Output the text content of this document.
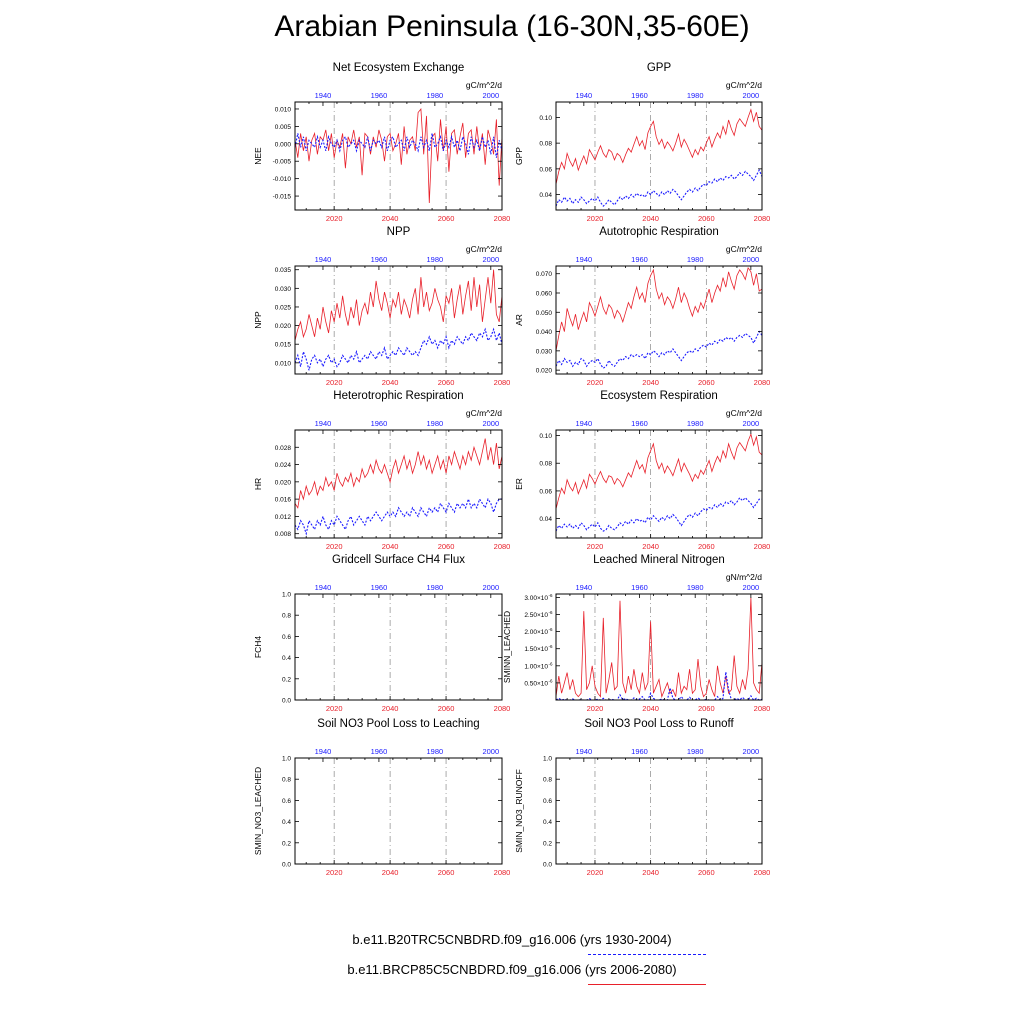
Arabian Peninsula (16-30N,35-60E)
Net Ecosystem Exchange
gC/m^2/d
2020	2040	2060	2080
1940	1960	1980	2000
-0.015
-0.010
-0.005
0.000
0.005
0.010
NEE
GPP
gC/m^2/d
2020	2040	2060	2080
1940	1960	1980	2000
0.04
0.06
0.08
0.10
GPP
NPP
gC/m^2/d
2020	2040	2060	2080
1940	1960	1980	2000
0.010
0.015
0.020
0.025
0.030
0.035
NPP
Autotrophic Respiration
gC/m^2/d
2020	2040	2060	2080
1940	1960	1980	2000
0.020
0.030
0.040
0.050
0.060
0.070
AR
Heterotrophic Respiration
gC/m^2/d
2020	2040	2060	2080
1940	1960	1980	2000
0.008
0.012
0.016
0.020
0.024
0.028
HR
Ecosystem Respiration
gC/m^2/d
2020	2040	2060	2080
1940	1960	1980	2000
0.04
0.06
0.08
0.10
ER
Gridcell Surface CH4 Flux
2020	2040	2060	2080
1940	1960	1980	2000
0.0
0.2
0.4
0.6
0.8
1.0
FCH4
Leached Mineral Nitrogen
gN/m^2/d
2020	2040	2060	2080
1940	1960	1980	2000
0.50×10 -6
1.00×10 -6
1.50×10 -6
2.00×10 -6
2.50×10 -6
3.00×10 -6
SMINN_LEACHED
Soil NO3 Pool Loss to Leaching
2020	2040	2060	2080
1940	1960	1980	2000
0.0
0.2
0.4
0.6
0.8
1.0
SMIN_NO3_LEACHED
Soil NO3 Pool Loss to Runoff
2020	2040	2060	2080
1940	1960	1980	2000
0.0
0.2
0.4
0.6
0.8
1.0
SMIN_NO3_RUNOFF
b.e11.B20TRC5CNBDRD.f09_g16.006 (yrs 1930-2004)
b.e11.BRCP85C5CNBDRD.f09_g16.006 (yrs 2006-2080)
